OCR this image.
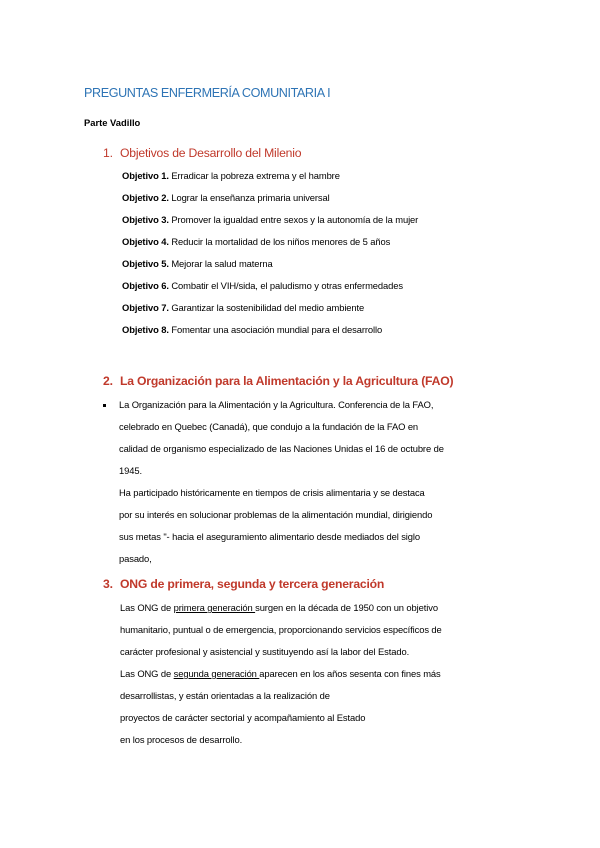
PREGUNTAS ENFERMERÍA COMUNITARIA I
Parte Vadillo
1. Objetivos de Desarrollo del Milenio
Objetivo 1. Erradicar la pobreza extrema y el hambre
Objetivo 2. Lograr la enseñanza primaria universal
Objetivo 3. Promover la igualdad entre sexos y la autonomía de la mujer
Objetivo 4. Reducir la mortalidad de los niños menores de 5 años
Objetivo 5. Mejorar la salud materna
Objetivo 6. Combatir el VIH/sida, el paludismo y otras enfermedades
Objetivo 7. Garantizar la sostenibilidad del medio ambiente
Objetivo 8. Fomentar una asociación mundial para el desarrollo
2. La Organización para la Alimentación y la Agricultura (FAO)
La Organización para la Alimentación y la Agricultura. Conferencia de la FAO,
celebrado en Quebec (Canadá), que condujo a la fundación de la FAO en
calidad de organismo especializado de las Naciones Unidas el 16 de octubre de
1945.
Ha participado históricamente en tiempos de crisis alimentaria y se destaca
por su interés en solucionar problemas de la alimentación mundial, dirigiendo
sus metas "- hacia el aseguramiento alimentario desde mediados del siglo
pasado,
3. ONG de primera, segunda y tercera generación
Las ONG de primera generación surgen en la década de 1950 con un objetivo
humanitario, puntual o de emergencia, proporcionando servicios específicos de
carácter profesional y asistencial y sustituyendo así la labor del Estado.
Las ONG de segunda generación aparecen en los años sesenta con fines más
desarrollistas, y están orientadas a la realización de
proyectos de carácter sectorial y acompañamiento al Estado
en los procesos de desarrollo.
